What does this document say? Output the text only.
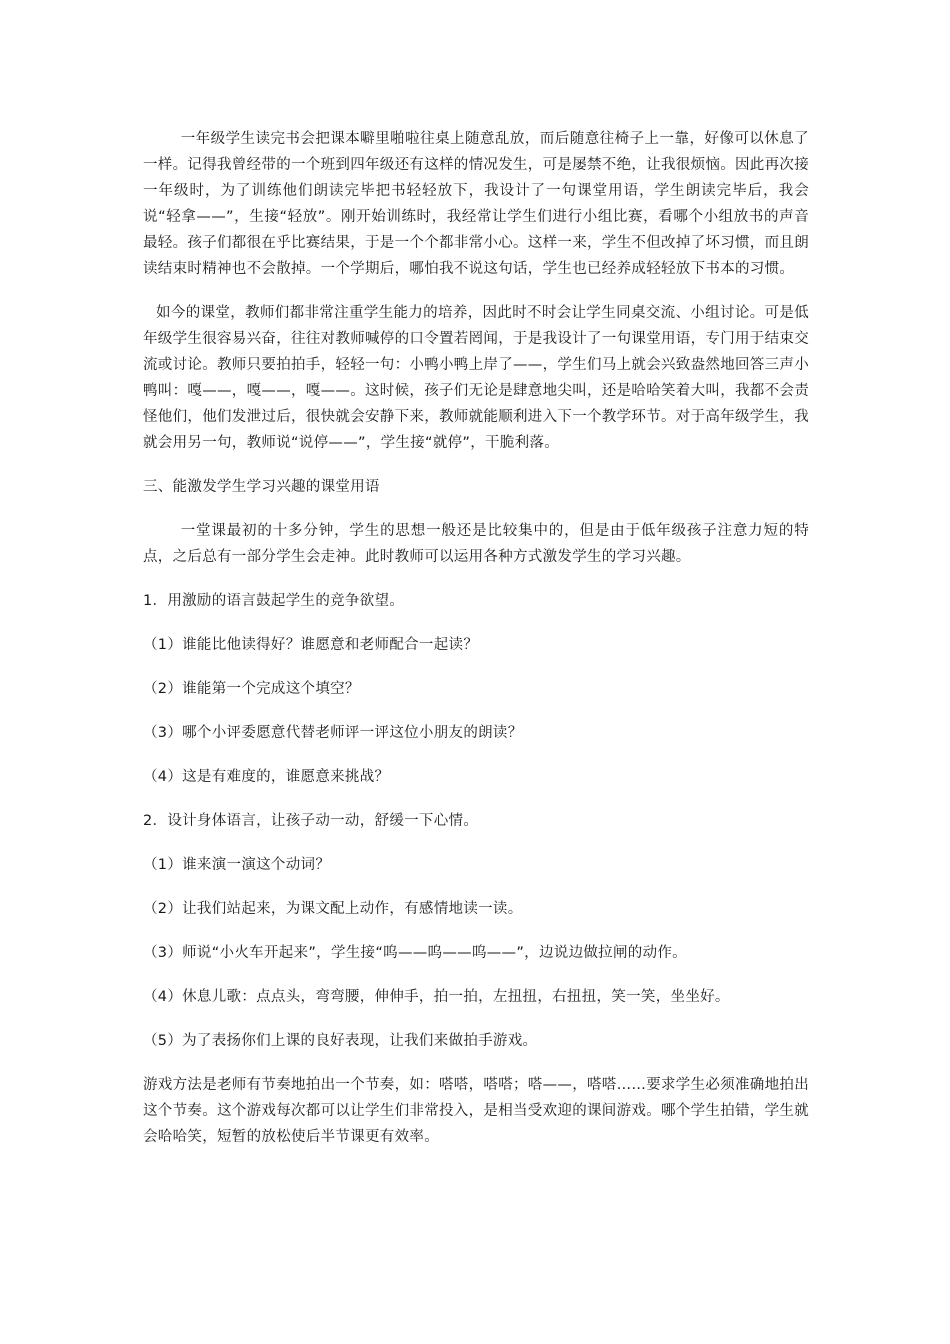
一年级学生读完书会把课本噼里啪啦往桌上随意乱放，而后随意往椅子上一靠，好像可以休息了一样。记得我曾经带的一个班到四年级还有这样的情况发生，可是屡禁不绝，让我很烦恼。因此再次接一年级时，为了训练他们朗读完毕把书轻轻放下，我设计了一句课堂用语，学生朗读完毕后，我会说“轻拿——”，生接“轻放”。刚开始训练时，我经常让学生们进行小组比赛，看哪个小组放书的声音最轻。孩子们都很在乎比赛结果，于是一个个都非常小心。这样一来，学生不但改掉了坏习惯，而且朗读结束时精神也不会散掉。一个学期后，哪怕我不说这句话，学生也已经养成轻轻放下书本的习惯。

如今的课堂，教师们都非常注重学生能力的培养，因此时不时会让学生同桌交流、小组讨论。可是低年级学生很容易兴奋，往往对教师喊停的口令置若罔闻，于是我设计了一句课堂用语，专门用于结束交流或讨论。教师只要拍拍手，轻轻一句：小鸭小鸭上岸了——，学生们马上就会兴致盎然地回答三声小鸭叫：嘎——，嘎——，嘎——。这时候，孩子们无论是肆意地尖叫，还是哈哈笑着大叫，我都不会责怪他们，他们发泄过后，很快就会安静下来，教师就能顺利进入下一个教学环节。对于高年级学生，我就会用另一句，教师说“说停——”，学生接“就停”，干脆利落。

三、能激发学生学习兴趣的课堂用语

一堂课最初的十多分钟，学生的思想一般还是比较集中的，但是由于低年级孩子注意力短的特点，之后总有一部分学生会走神。此时教师可以运用各种方式激发学生的学习兴趣。

1．用激励的语言鼓起学生的竞争欲望。

（1）谁能比他读得好？谁愿意和老师配合一起读？

（2）谁能第一个完成这个填空？

（3）哪个小评委愿意代替老师评一评这位小朋友的朗读？

（4）这是有难度的，谁愿意来挑战？

2．设计身体语言，让孩子动一动，舒缓一下心情。

（1）谁来演一演这个动词？

（2）让我们站起来，为课文配上动作，有感情地读一读。

（3）师说“小火车开起来”，学生接“呜——呜——呜——”，边说边做拉闸的动作。

（4）休息儿歌：点点头，弯弯腰，伸伸手，拍一拍，左扭扭，右扭扭，笑一笑，坐坐好。

（5）为了表扬你们上课的良好表现，让我们来做拍手游戏。

游戏方法是老师有节奏地拍出一个节奏，如：嗒嗒，嗒嗒；嗒——，嗒嗒……要求学生必须准确地拍出这个节奏。这个游戏每次都可以让学生们非常投入，是相当受欢迎的课间游戏。哪个学生拍错，学生就会哈哈笑，短暂的放松使后半节课更有效率。
